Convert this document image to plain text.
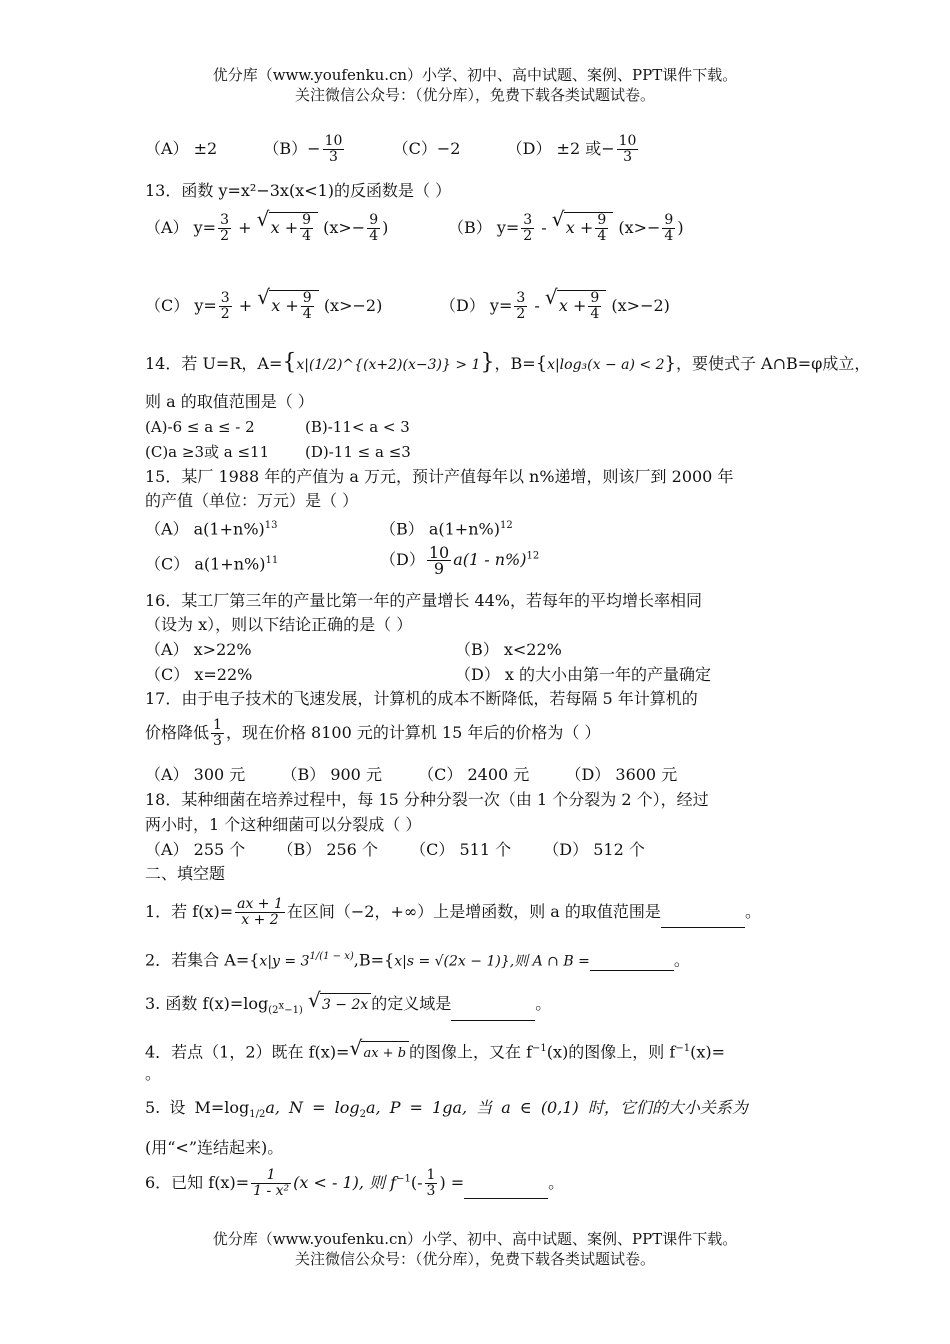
优分库（www.youfenku.cn）小学、初中、高中试题、案例、PPT课件下载。
关注微信公众号：（优分库），免费下载各类试题试卷。
（A） ±2	$(B)- \frac{10}{3}$	（C）−2	（D） ±2 或− $\frac{10}{3}$
13．函数 y=x²−3x(x<1)的反函数是（ ）
（A） $y= \frac{3}{2}$ + √ $x + \frac{9}{4} (x>- \frac{9}{4}$ )	（B） $y= \frac{3}{2}$ - √ $x + \frac{9}{4} (x>- \frac{9}{4}$ )
（C） $y= \frac{3}{2}$ + √ $x + \frac{9}{4} (x>-2)$	（D） $y= \frac{3}{2}$ - √ $x + \frac{9}{4} (x>-2)$
14．若 U=R，A={x|(1/2)^{(x+2)(x−3)} > 1}，B={x|log₃(x − a) < 2}，要使式子 A∩B=φ成立，
则 a 的取值范围是（ ）
(A)-6 ≤ a ≤ - 2	(B)-11< a < 3
(C)a ≥3或 a ≤11 (D)-11 ≤ a ≤3
15．某厂 1988 年的产值为 a 万元，预计产值每年以 n%递增，则该厂到 2000 年
的产值（单位：万元）是（ ）
（A） $a(1+n\%)^{13}$	（B） $a(1+n\%)^{12}$
（C） $a(1+n\%)^{11}$	$(D) \frac{10}{9} a(1 - n\%)^{12}$
16．某工厂第三年的产量比第一年的产量增长 44%，若每年的平均增长率相同
（设为 x），则以下结论正确的是（ ）
（A） x>22%	（B） x<22%
（C） x=22%	（D） x 的大小由第一年的产量确定
17．由于电子技术的飞速发展，计算机的成本不断降低，若每隔 5 年计算机的
价格降低 $\frac{1}{3}$ ，现在价格 8100 元的计算机 15 年后的价格为（ ）
（A） 300 元 （B） 900 元 （C） 2400 元 （D） 3600 元
18．某种细菌在培养过程中，每 15 分种分裂一次（由 1 个分裂为 2 个），经过
两小时，1 个这种细菌可以分裂成（ ）
（A） 255 个 （B） 256 个 （C） 511 个 （D） 512 个
二、填空题
1．若 $f(x)= \frac{ax + 1}{x + 2}$ 在区间（−2，+∞）上是增函数，则 a 的取值范围是	。
2．若集合 $A=\{x|y = 3^{1/(1 - x)},B=\{x|s = √(2x - 1)\}$,则 A ∩ B =	。
3. 函数 $f(x)=\log_{(2^x-1)}$ √ 3 − 2x 的定义域是	。
4．若点（1，2）既在 f(x)= √ ax + b 的图像上，又在 $f^{-1}(x)$的图像上，则 $f^{-1}(x)=$
。
5. 设 $M=\log_{1/2}a$, $N = \log_2a$, P = 1ga, 当 a ∈ (0,1) 时，它们的大小关系为
(用“<”连结起来)。
6．已知 $f(x)= \frac{1}{\text{1 - x²}} (x$ < - 1), 则 $f^{-1}(- \frac{1}{3}$ ) =	。
优分库（www.youfenku.cn）小学、初中、高中试题、案例、PPT课件下载。
关注微信公众号：（优分库），免费下载各类试题试卷。
